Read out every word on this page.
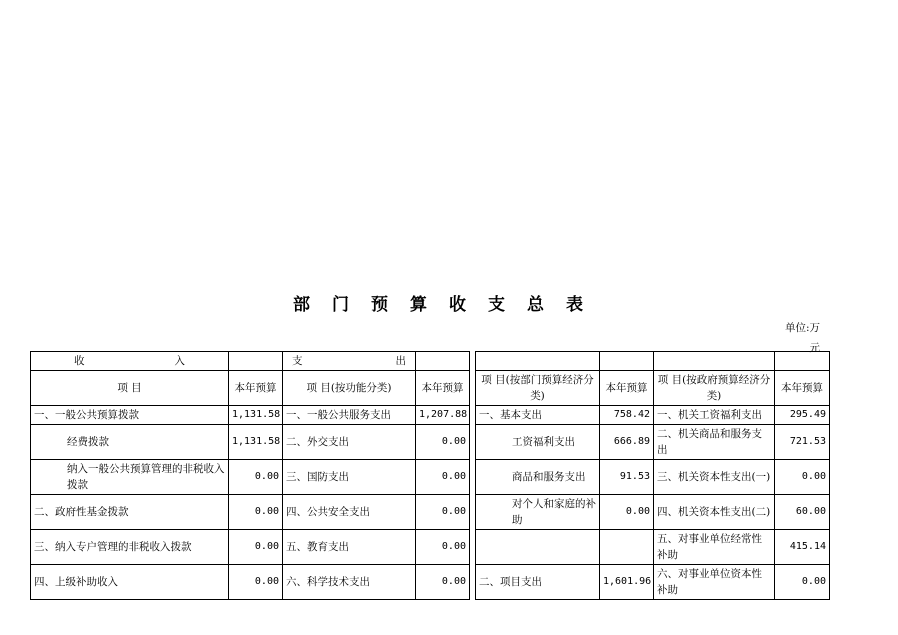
部门预算收支总表
单位:万元
收 入		支 出						

项 目	本年预算	项 目(按功能分类)	本年预算		项 目(按部门预算经济分类)	本年预算	项 目(按政府预算经济分类)	本年预算
一、一般公共预算拨款	1,131.58	一、一般公共服务支出	1,207.88		一、基本支出	758.42	一、机关工资福利支出	295.49
经费拨款	1,131.58	二、外交支出	0.00		工资福利支出	666.89	二、机关商品和服务支出	721.53
纳入一般公共预算管理的非税收入拨款	0.00	三、国防支出	0.00		商品和服务支出	91.53	三、机关资本性支出(一)	0.00
二、政府性基金拨款	0.00	四、公共安全支出	0.00		对个人和家庭的补助	0.00	四、机关资本性支出(二)	60.00
三、纳入专户管理的非税收入拨款	0.00	五、教育支出	0.00				五、对事业单位经常性补助	415.14
四、上级补助收入	0.00	六、科学技术支出	0.00		二、项目支出	1,601.96	六、对事业单位资本性补助	0.00
